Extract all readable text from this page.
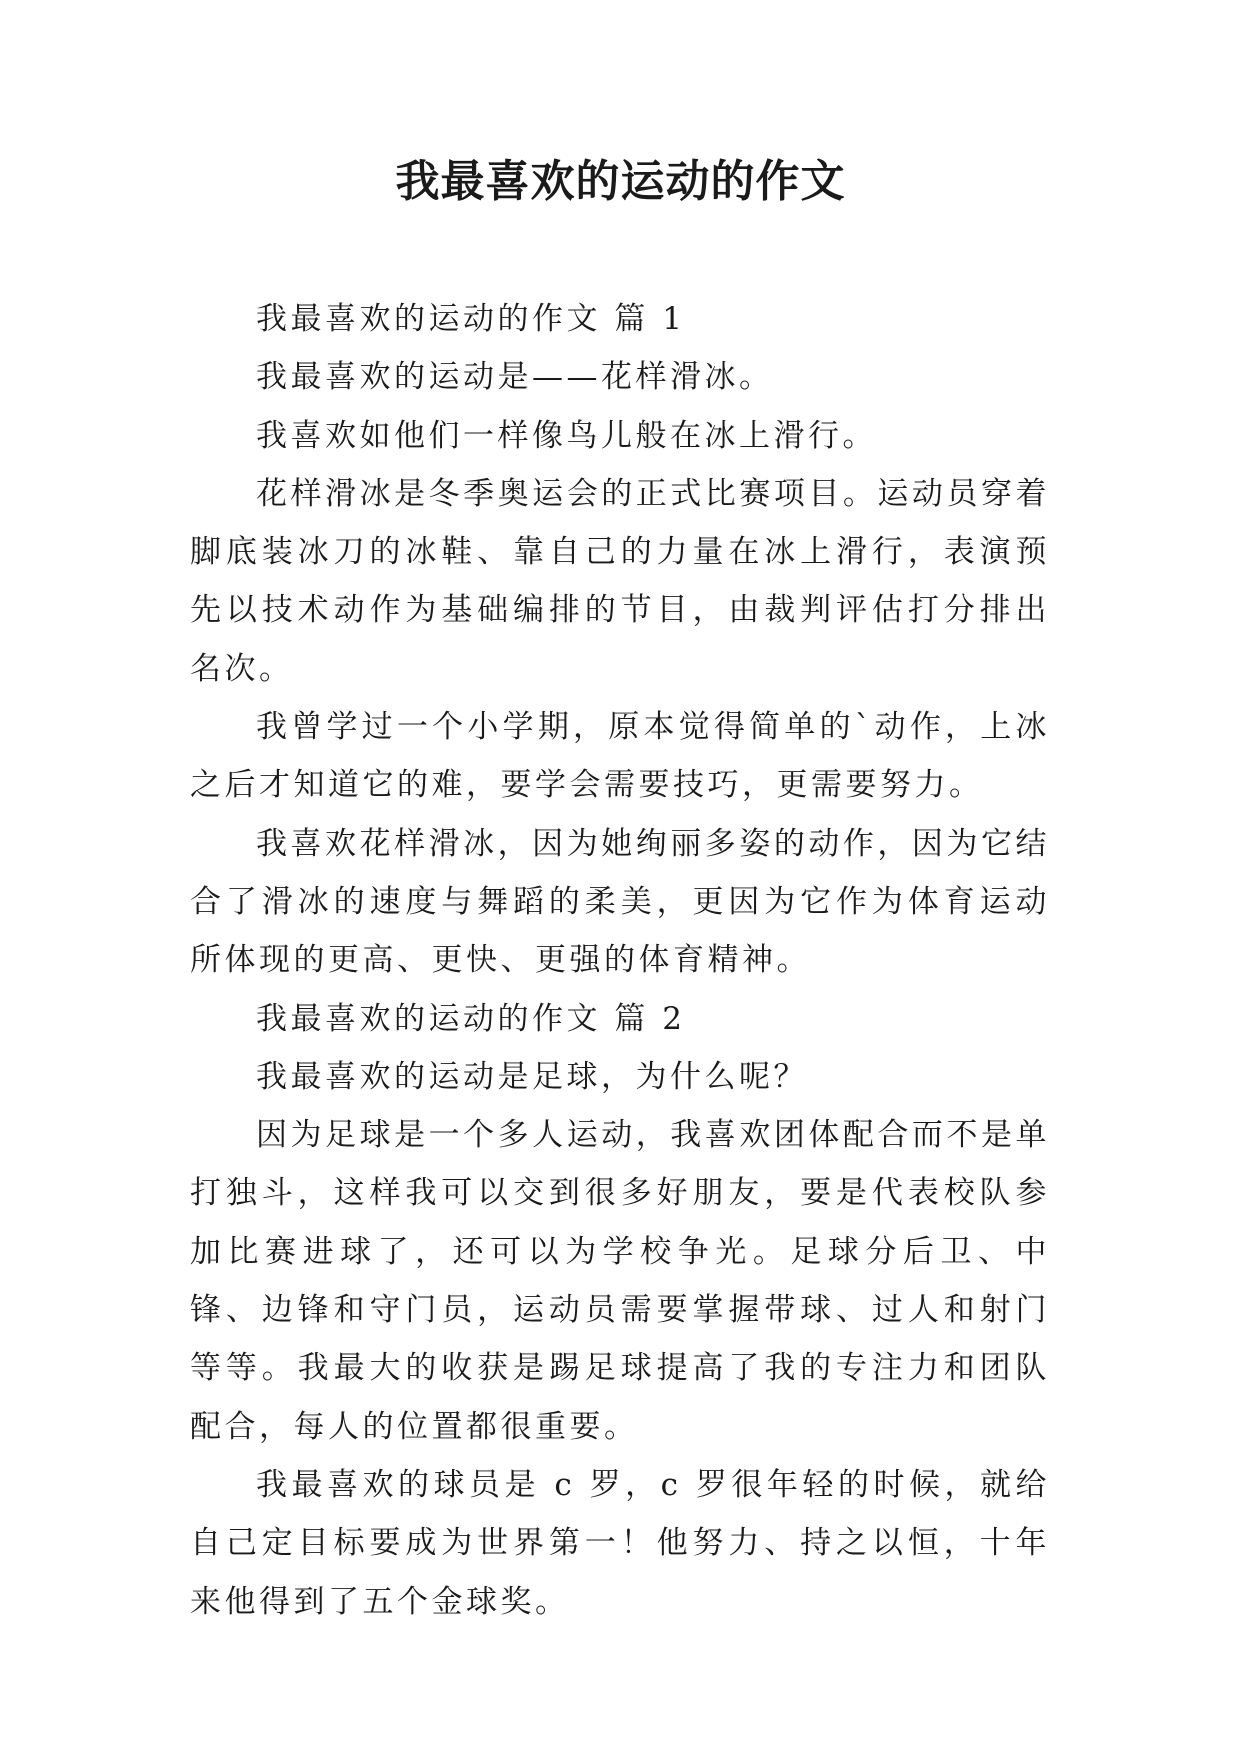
我最喜欢的运动的作文

我最喜欢的运动的作文 篇 1

我最喜欢的运动是——花样滑冰。

我喜欢如他们一样像鸟儿般在冰上滑行。

花样滑冰是冬季奥运会的正式比赛项目。运动员穿着脚底装冰刀的冰鞋、靠自己的力量在冰上滑行，表演预先以技术动作为基础编排的节目，由裁判评估打分排出名次。

我曾学过一个小学期，原本觉得简单的`动作，上冰之后才知道它的难，要学会需要技巧，更需要努力。

我喜欢花样滑冰，因为她绚丽多姿的动作，因为它结合了滑冰的速度与舞蹈的柔美，更因为它作为体育运动所体现的更高、更快、更强的体育精神。

我最喜欢的运动的作文 篇 2

我最喜欢的运动是足球，为什么呢？

因为足球是一个多人运动，我喜欢团体配合而不是单打独斗，这样我可以交到很多好朋友，要是代表校队参加比赛进球了，还可以为学校争光。足球分后卫、中锋、边锋和守门员，运动员需要掌握带球、过人和射门等等。我最大的收获是踢足球提高了我的专注力和团队配合，每人的位置都很重要。

我最喜欢的球员是 c 罗，c 罗很年轻的时候，就给自己定目标要成为世界第一！他努力、持之以恒，十年来他得到了五个金球奖。
